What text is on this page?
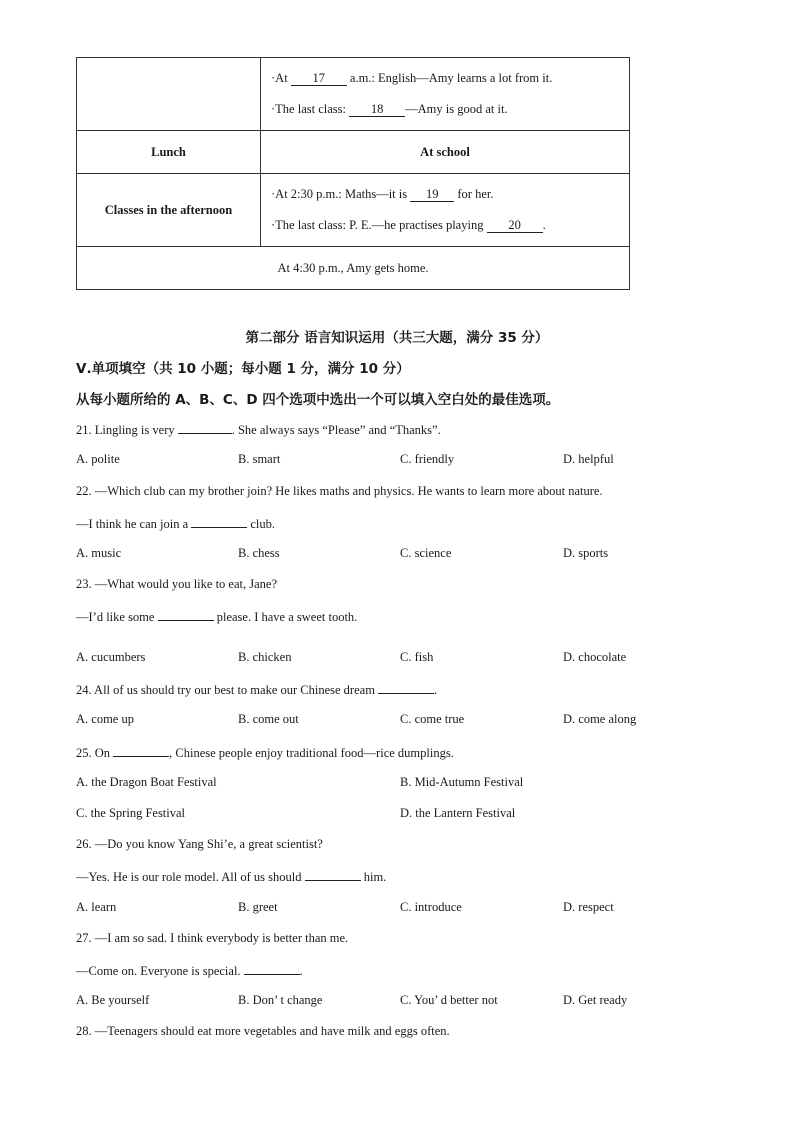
	·At 17 a.m.: English—Amy learns a lot from it.
·The last class: 18 —Amy is good at it.

Lunch	At school
Classes in the afternoon	·At 2:30 p.m.: Maths—it is 19 for her.
·The last class: P. E.—he practises playing 20 .

At 4:30 p.m., Amy gets home.	
第二部分 语言知识运用（共三大题，满分 35 分）
Ⅴ.单项填空（共 10 小题；每小题 1 分，满分 10 分）
从每小题所给的 A、B、C、D 四个选项中选出一个可以填入空白处的最佳选项。
21. Lingling is very	. She always says “Please” and “Thanks”.
A. polite	B. smart	C. friendly	D. helpful
22. —Which club can my brother join? He likes maths and physics. He wants to learn more about nature.
—I think he can join a	club.
A. music	B. chess	C. science	D. sports
23. —What would you like to eat, Jane?
—I’d like some	please. I have a sweet tooth.
A. cucumbers	B. chicken	C. fish	D. chocolate
24. All of us should try our best to make our Chinese dream	.
A. come up	B. come out	C. come true	D. come along
25. On	, Chinese people enjoy traditional food—rice dumplings.
A. the Dragon Boat Festival	B. Mid-Autumn Festival
C. the Spring Festival	D. the Lantern Festival
26. —Do you know Yang Shi’e, a great scientist?
—Yes. He is our role model. All of us should	him.
A. learn	B. greet	C. introduce	D. respect
27. —I am so sad. I think everybody is better than me.
—Come on. Everyone is special.	.
A. Be yourself	B. Don’ t change	C. You’ d better not	D. Get ready
28. —Teenagers should eat more vegetables and have milk and eggs often.
